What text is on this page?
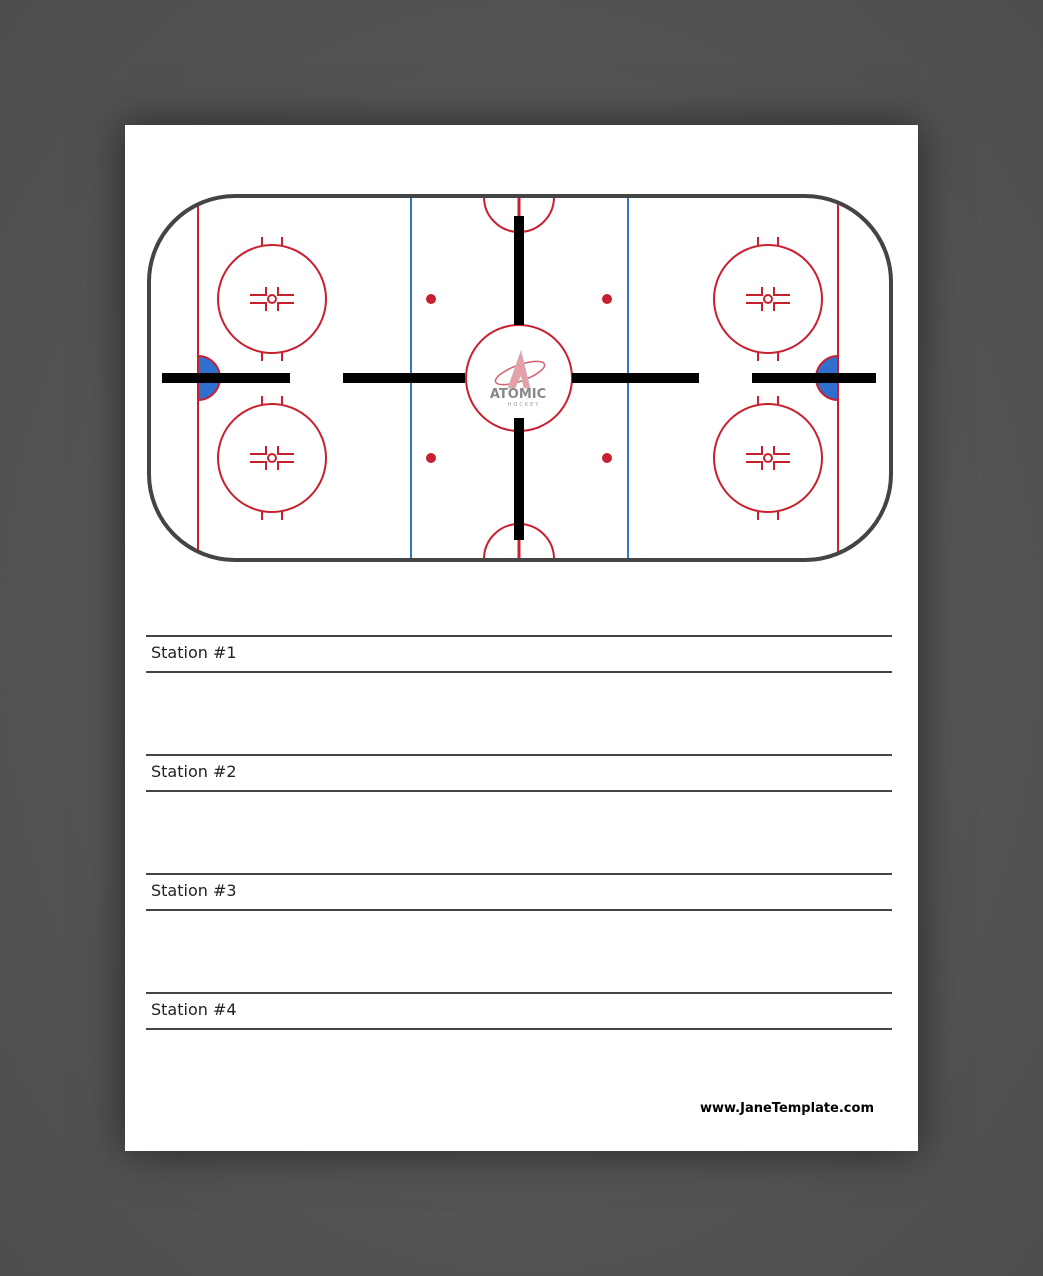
ATOMIC
HOCKEY
Station #1
Station #2
Station #3
Station #4
www.JaneTemplate.com
